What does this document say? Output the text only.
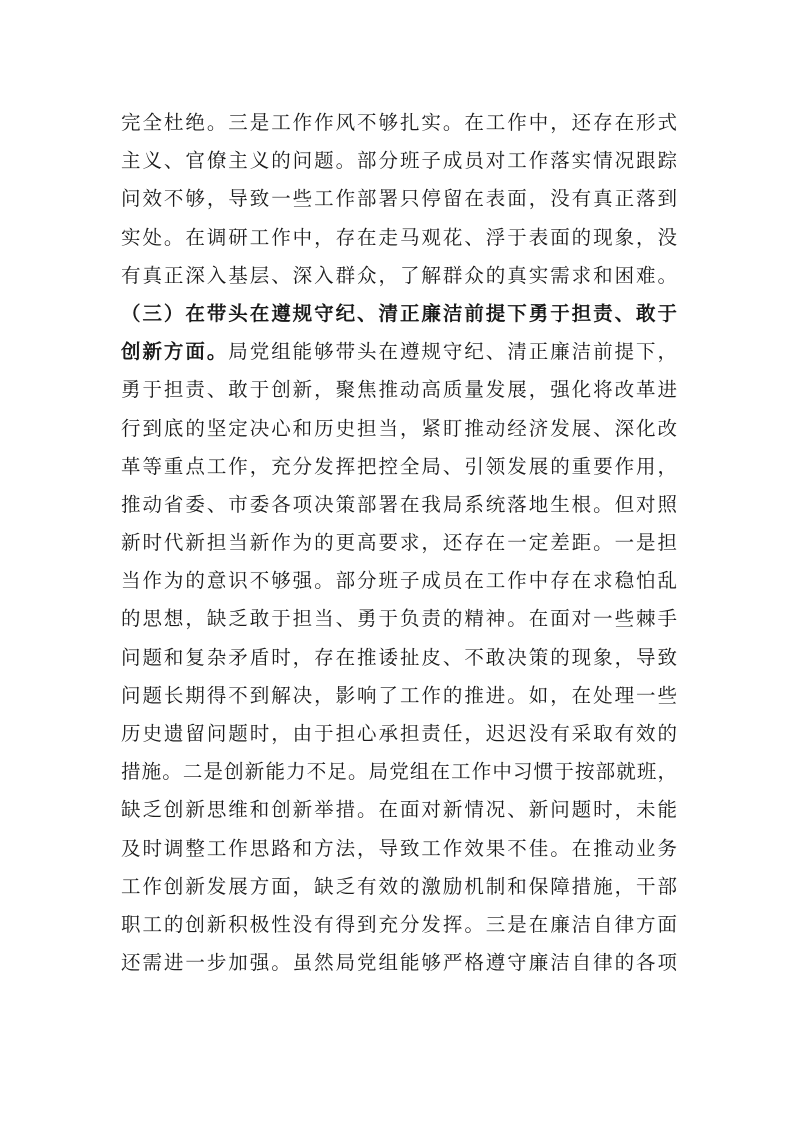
完全杜绝。三是工作作风不够扎实。在工作中，还存在形式
主义、官僚主义的问题。部分班子成员对工作落实情况跟踪
问效不够，导致一些工作部署只停留在表面，没有真正落到
实处。在调研工作中，存在走马观花、浮于表面的现象，没
有真正深入基层、深入群众，了解群众的真实需求和困难。
（三）在带头在遵规守纪、清正廉洁前提下勇于担责、敢于
创新方面。局党组能够带头在遵规守纪、清正廉洁前提下，
勇于担责、敢于创新，聚焦推动高质量发展，强化将改革进
行到底的坚定决心和历史担当，紧盯推动经济发展、深化改
革等重点工作，充分发挥把控全局、引领发展的重要作用，
推动省委、市委各项决策部署在我局系统落地生根。但对照
新时代新担当新作为的更高要求，还存在一定差距。一是担
当作为的意识不够强。部分班子成员在工作中存在求稳怕乱
的思想，缺乏敢于担当、勇于负责的精神。在面对一些棘手
问题和复杂矛盾时，存在推诿扯皮、不敢决策的现象，导致
问题长期得不到解决，影响了工作的推进。如，在处理一些
历史遗留问题时，由于担心承担责任，迟迟没有采取有效的
措施。二是创新能力不足。局党组在工作中习惯于按部就班，
缺乏创新思维和创新举措。在面对新情况、新问题时，未能
及时调整工作思路和方法，导致工作效果不佳。在推动业务
工作创新发展方面，缺乏有效的激励机制和保障措施，干部
职工的创新积极性没有得到充分发挥。三是在廉洁自律方面
还需进一步加强。虽然局党组能够严格遵守廉洁自律的各项
